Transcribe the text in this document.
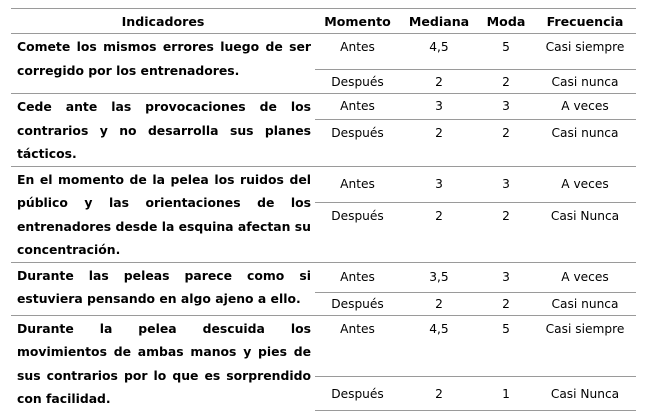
Indicadores	Momento	Mediana	Moda	Frecuencia
Comete los mismos errores luego de ser corregido por los entrenadores.	Antes	4,5	5	Casi siempre
	Después	2	2	Casi nunca
Cede ante las provocaciones de los contrarios y no desarrolla sus planes tácticos.	Antes	3	3	A veces
	Después	2	2	Casi nunca
En el momento de la pelea los ruidos del público y las orientaciones de los entrenadores desde la esquina afectan su concentración.	Antes	3	3	A veces
	Después	2	2	Casi Nunca
Durante las peleas parece como si estuviera pensando en algo ajeno a ello.	Antes	3,5	3	A veces
	Después	2	2	Casi nunca
Durante la pelea descuida los movimientos de ambas manos y pies de sus contrarios por lo que es sorprendido con facilidad.	Antes	4,5	5	Casi siempre
	Después	2	1	Casi Nunca
